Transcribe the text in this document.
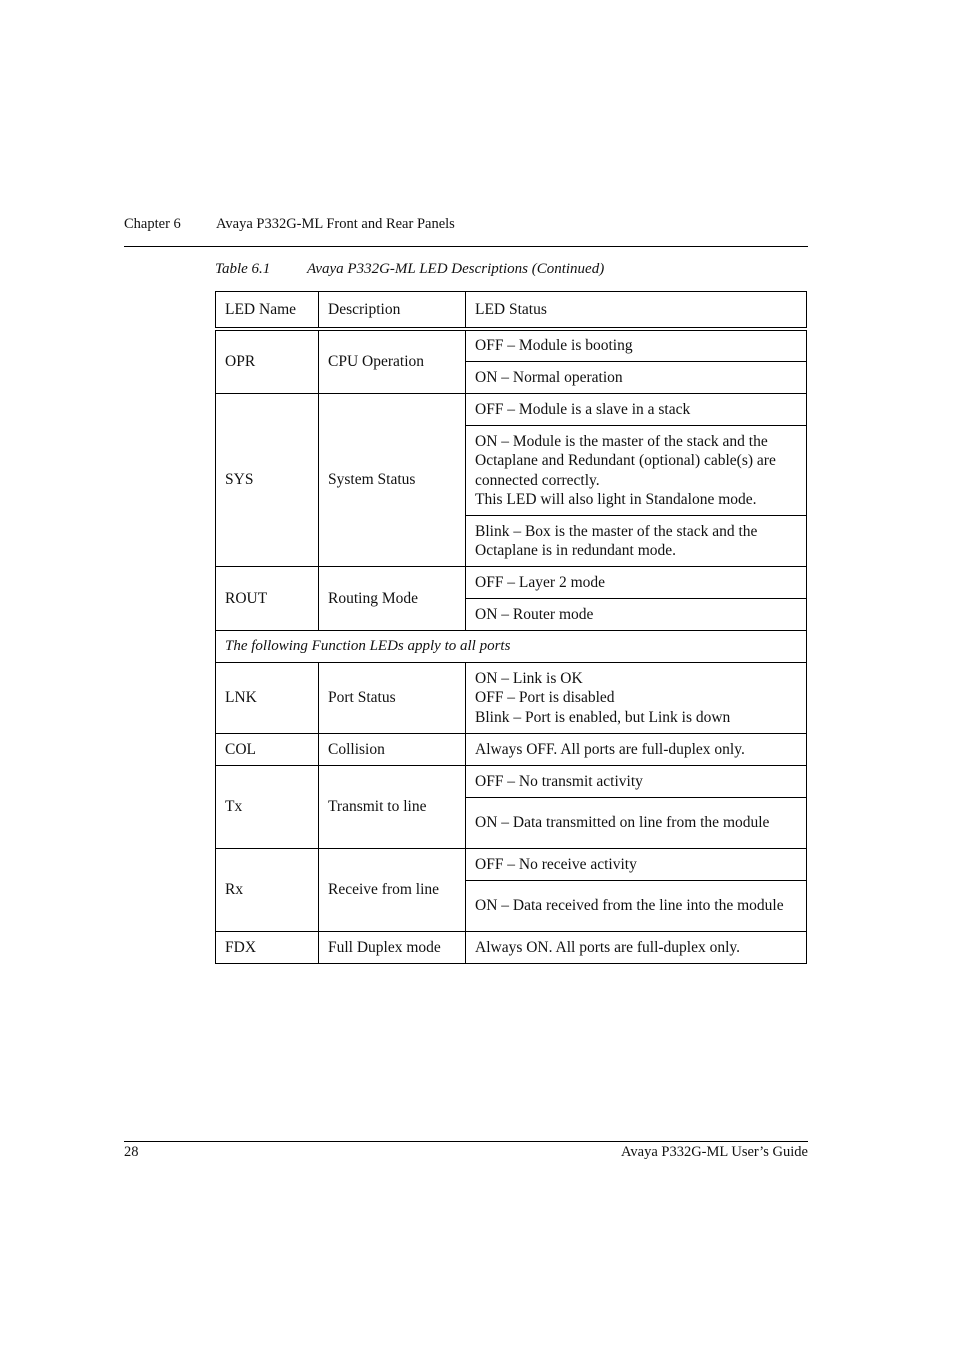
Chapter 6 Avaya P332G-ML Front and Rear Panels
Table 6.1 Avaya P332G-ML LED Descriptions (Continued)
LED Name	Description	LED Status
OPR	CPU Operation	OFF – Module is booting
		ON – Normal operation
SYS	System Status	OFF – Module is a slave in a stack
		ON – Module is the master of the stack and the Octaplane and Redundant (optional) cable(s) are connected correctly.
This LED will also light in Standalone mode.
		Blink – Box is the master of the stack and the Octaplane is in redundant mode.
ROUT	Routing Mode	OFF – Layer 2 mode
		ON – Router mode
The following Function LEDs apply to all ports		
LNK	Port Status	ON – Link is OK
OFF – Port is disabled
Blink – Port is enabled, but Link is down
COL	Collision	Always OFF. All ports are full-duplex only.
Tx	Transmit to line	OFF – No transmit activity
		ON – Data transmitted on line from the module
Rx	Receive from line	OFF – No receive activity
		ON – Data received from the line into the module
FDX	Full Duplex mode	Always ON. All ports are full-duplex only.
28	Avaya P332G-ML User’s Guide
